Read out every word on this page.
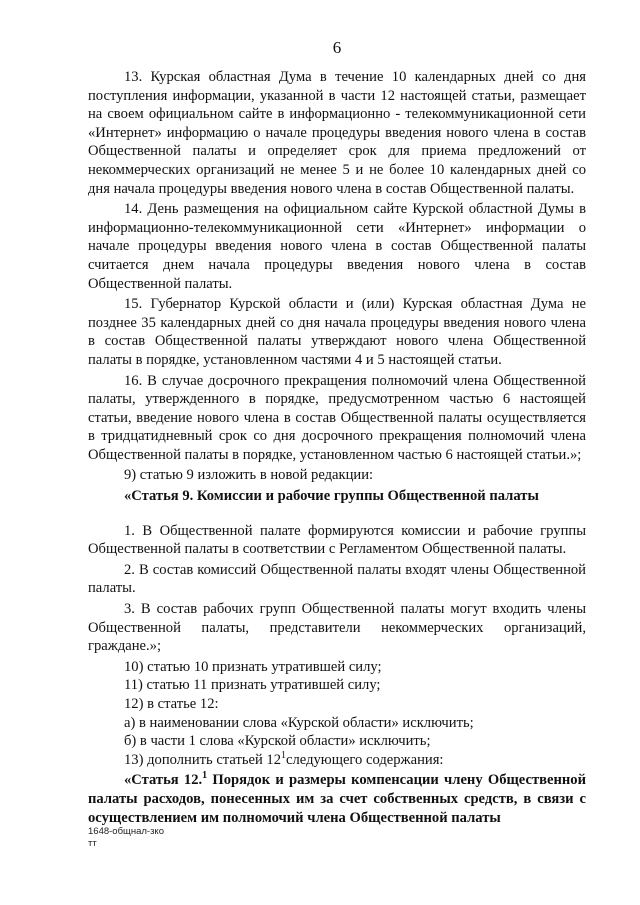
6

13. Курская областная Дума в течение 10 календарных дней со дня поступления информации, указанной в части 12 настоящей статьи, размещает на своем официальном сайте в информационно - телекоммуникационной сети «Интернет» информацию о начале процедуры введения нового члена в состав Общественной палаты и определяет срок для приема предложений от некоммерческих организаций не менее 5 и не более 10 календарных дней со дня начала процедуры введения нового члена в состав Общественной палаты.

14. День размещения на официальном сайте Курской областной Думы в информационно-телекоммуникационной сети «Интернет» информации о начале процедуры введения нового члена в состав Общественной палаты считается днем начала процедуры введения нового члена в состав Общественной палаты.

15. Губернатор Курской области и (или) Курская областная Дума не позднее 35 календарных дней со дня начала процедуры введения нового члена в состав Общественной палаты утверждают нового члена Общественной палаты в порядке, установленном частями 4 и 5 настоящей статьи.

16. В случае досрочного прекращения полномочий члена Общественной палаты, утвержденного в порядке, предусмотренном частью 6 настоящей статьи, введение нового члена в состав Общественной палаты осуществляется в тридцатидневный срок со дня досрочного прекращения полномочий члена Общественной палаты в порядке, установленном частью 6 настоящей статьи.»;

9) статью 9 изложить в новой редакции:

«Статья 9. Комиссии и рабочие группы Общественной палаты

1. В Общественной палате формируются комиссии и рабочие группы Общественной палаты в соответствии с Регламентом Общественной палаты.

2. В состав комиссий Общественной палаты входят члены Общественной палаты.

3. В состав рабочих групп Общественной палаты могут входить члены Общественной палаты, представители некоммерческих организаций, граждане.»;

10) статью 10 признать утратившей силу;

11) статью 11 признать утратившей силу;

12) в статье 12:

а) в наименовании слова «Курской области» исключить;

б) в части 1 слова «Курской области» исключить;

13) дополнить статьей $12^1следующего$ содержания:

«Статья 12.$^1$ Порядок и размеры компенсации члену Общественной палаты расходов, понесенных им за счет собственных средств, в связи с осуществлением им полномочий члена Общественной палаты

1648-общнал-зко
тт
